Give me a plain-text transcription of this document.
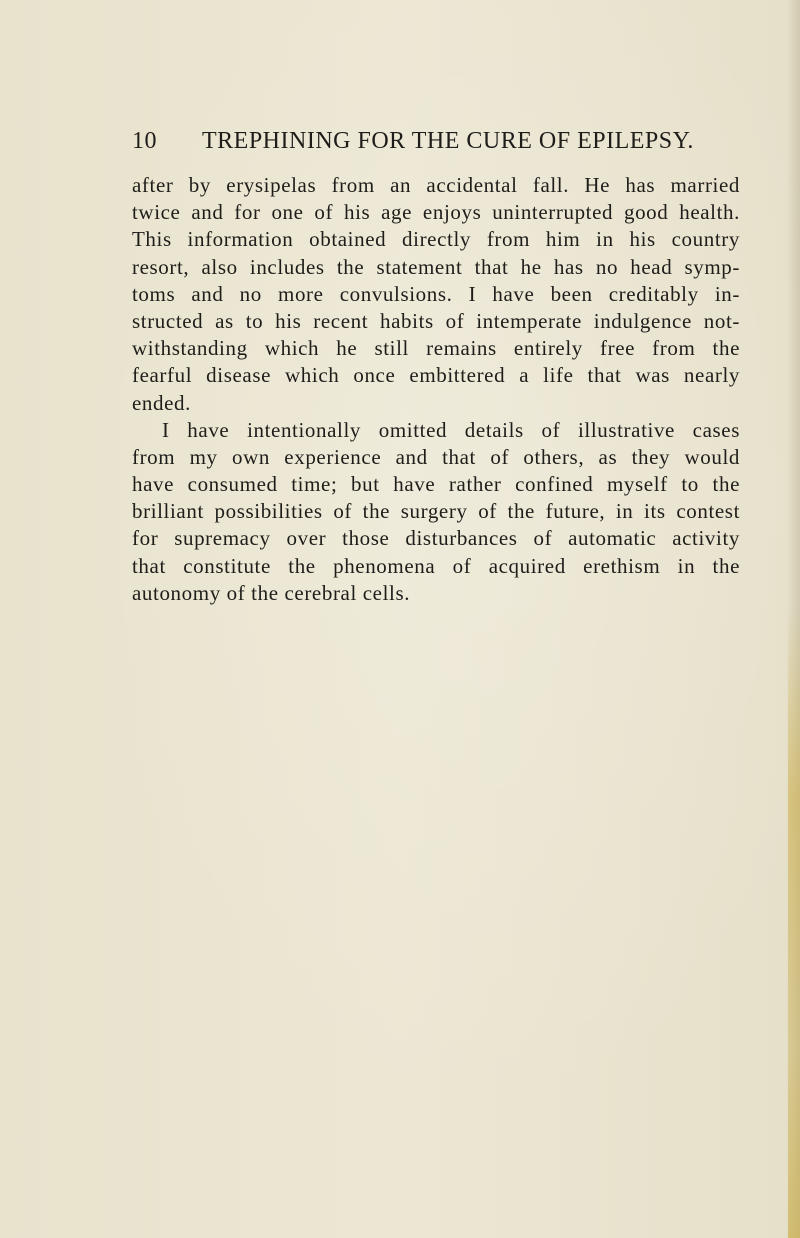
10 TREPHINING FOR THE CURE OF EPILEPSY.
after by erysipelas from an accidental fall. He has married
twice and for one of his age enjoys uninterrupted good health.
This information obtained directly from him in his country
resort, also includes the statement that he has no head symp-
toms and no more convulsions. I have been creditably in-
structed as to his recent habits of intemperate indulgence not-
withstanding which he still remains entirely free from the
fearful disease which once embittered a life that was nearly
ended.
I have intentionally omitted details of illustrative cases
from my own experience and that of others, as they would
have consumed time; but have rather confined myself to the
brilliant possibilities of the surgery of the future, in its contest
for supremacy over those disturbances of automatic activity
that constitute the phenomena of acquired erethism in the
autonomy of the cerebral cells.
